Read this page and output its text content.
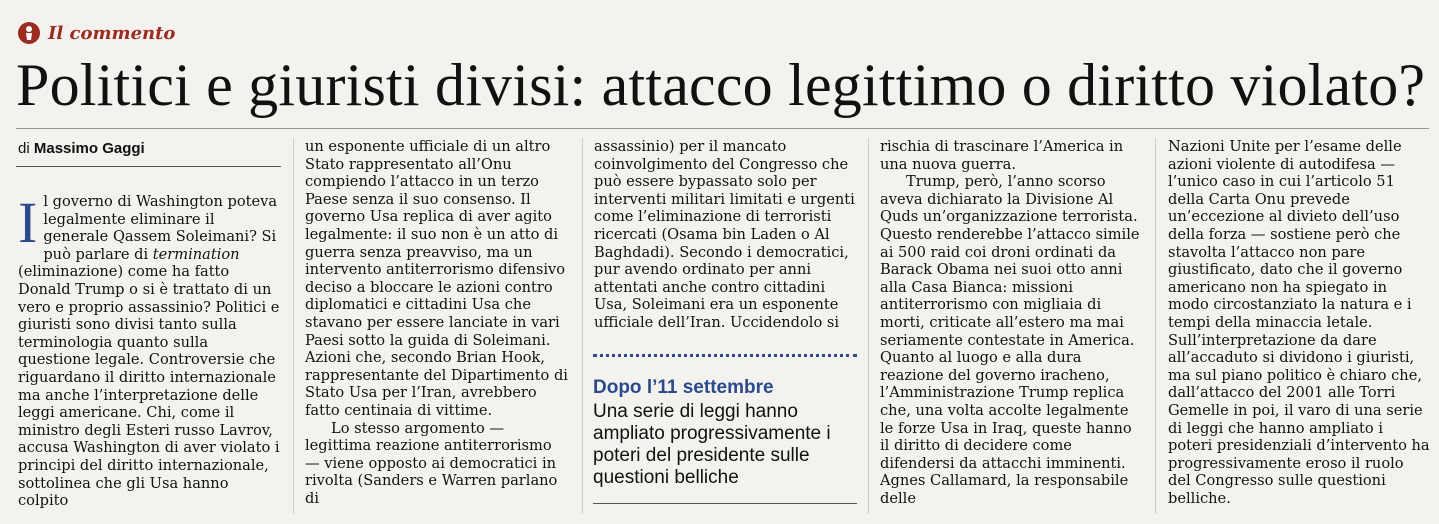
Il commento
Politici e giuristi divisi: attacco legittimo o diritto violato?
di Massimo Gaggi

Il governo di Washington poteva legalmente eliminare il generale Qassem Soleimani? Si può parlare di termination (eliminazione) come ha fatto Donald Trump o si è trattato di un vero e proprio assassinio? Politici e giuristi sono divisi tanto sulla terminologia quanto sulla questione legale. Controversie che riguardano il diritto internazionale ma anche l’interpretazione delle leggi americane. Chi, come il ministro degli Esteri russo Lavrov, accusa Washington di aver violato i principi del diritto internazionale, sottolinea che gli Usa hanno colpito

un esponente ufficiale di un altro Stato rappresentato all’Onu compiendo l’attacco in un terzo Paese senza il suo consenso. Il governo Usa replica di aver agito legalmente: il suo non è un atto di guerra senza preavviso, ma un intervento antiterrorismo difensivo deciso a bloccare le azioni contro diplomatici e cittadini Usa che stavano per essere lanciate in vari Paesi sotto la guida di Soleimani. Azioni che, secondo Brian Hook, rappresentante del Dipartimento di Stato Usa per l’Iran, avrebbero fatto centinaia di vittime.

Lo stesso argomento — legittima reazione antiterrorismo — viene opposto ai democratici in rivolta (Sanders e Warren parlano di

assassinio) per il mancato coinvolgimento del Congresso che può essere bypassato solo per interventi militari limitati e urgenti come l’eliminazione di terroristi ricercati (Osama bin Laden o Al Baghdadi). Secondo i democratici, pur avendo ordinato per anni attentati anche contro cittadini Usa, Soleimani era un esponente ufficiale dell’Iran. Uccidendolo si

Dopo l’11 settembre
Una serie di leggi hanno ampliato progressivamente i poteri del presidente sulle questioni belliche

rischia di trascinare l’America in una nuova guerra.

Trump, però, l’anno scorso aveva dichiarato la Divisione Al Quds un’organizzazione terrorista. Questo renderebbe l’attacco simile ai 500 raid coi droni ordinati da Barack Obama nei suoi otto anni alla Casa Bianca: missioni antiterrorismo con migliaia di morti, criticate all’estero ma mai seriamente contestate in America. Quanto al luogo e alla dura reazione del governo iracheno, l’Amministrazione Trump replica che, una volta accolte legalmente le forze Usa in Iraq, queste hanno il diritto di decidere come difendersi da attacchi imminenti. Agnes Callamard, la responsabile delle

Nazioni Unite per l’esame delle azioni violente di autodifesa — l’unico caso in cui l’articolo 51 della Carta Onu prevede un’eccezione al divieto dell’uso della forza — sostiene però che stavolta l’attacco non pare giustificato, dato che il governo americano non ha spiegato in modo circostanziato la natura e i tempi della minaccia letale. Sull’interpretazione da dare all’accaduto si dividono i giuristi, ma sul piano politico è chiaro che, dall’attacco del 2001 alle Torri Gemelle in poi, il varo di una serie di leggi che hanno ampliato i poteri presidenziali d’intervento ha progressivamente eroso il ruolo del Congresso sulle questioni belliche.
